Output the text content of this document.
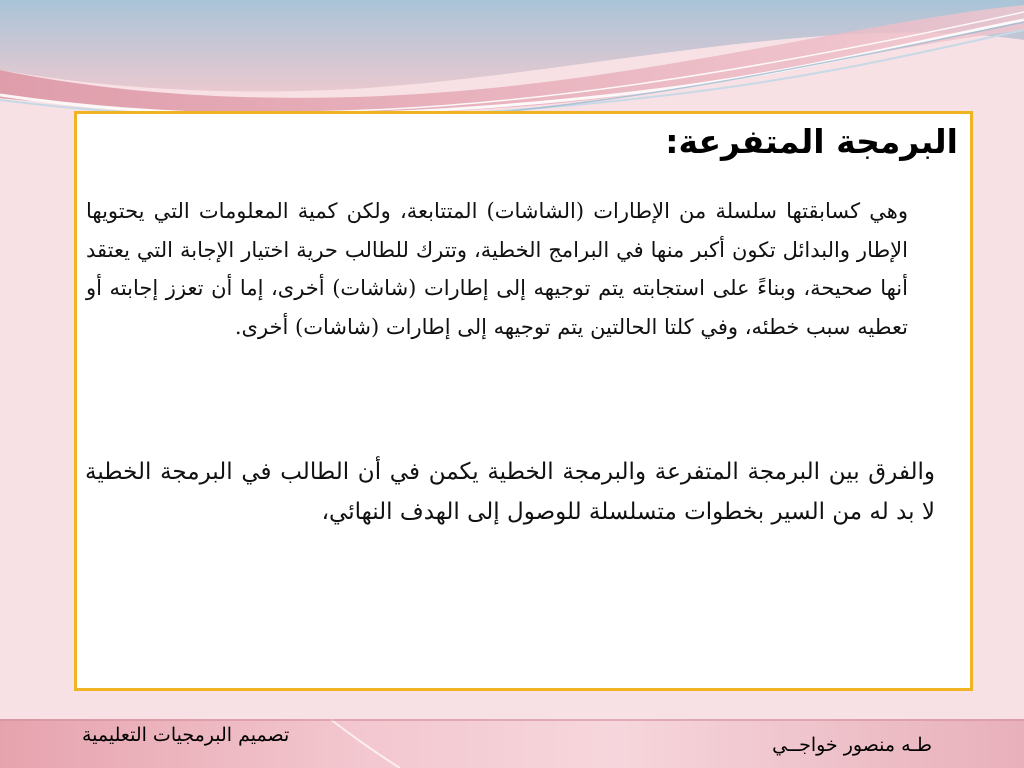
البرمجة المتفرعة:

وهي كسابقتها سلسلة من الإطارات (الشاشات) المتتابعة، ولكن كمية المعلومات التي يحتويها الإطار والبدائل تكون أكبر منها في البرامج الخطية، وتترك للطالب حرية اختيار الإجابة التي يعتقد أنها صحيحة، وبناءً على استجابته يتم توجيهه إلى إطارات (شاشات) أخرى، إما أن تعزز إجابته أو تعطيه سبب خطئه، وفي كلتا الحالتين يتم توجيهه إلى إطارات (شاشات) أخرى.

والفرق بين البرمجة المتفرعة والبرمجة الخطية يكمن في أن الطالب في البرمجة الخطية لا بد له من السير بخطوات متسلسلة للوصول إلى الهدف النهائي،

تصميم البرمجيات التعليمية	طـه منصور خواجــي
